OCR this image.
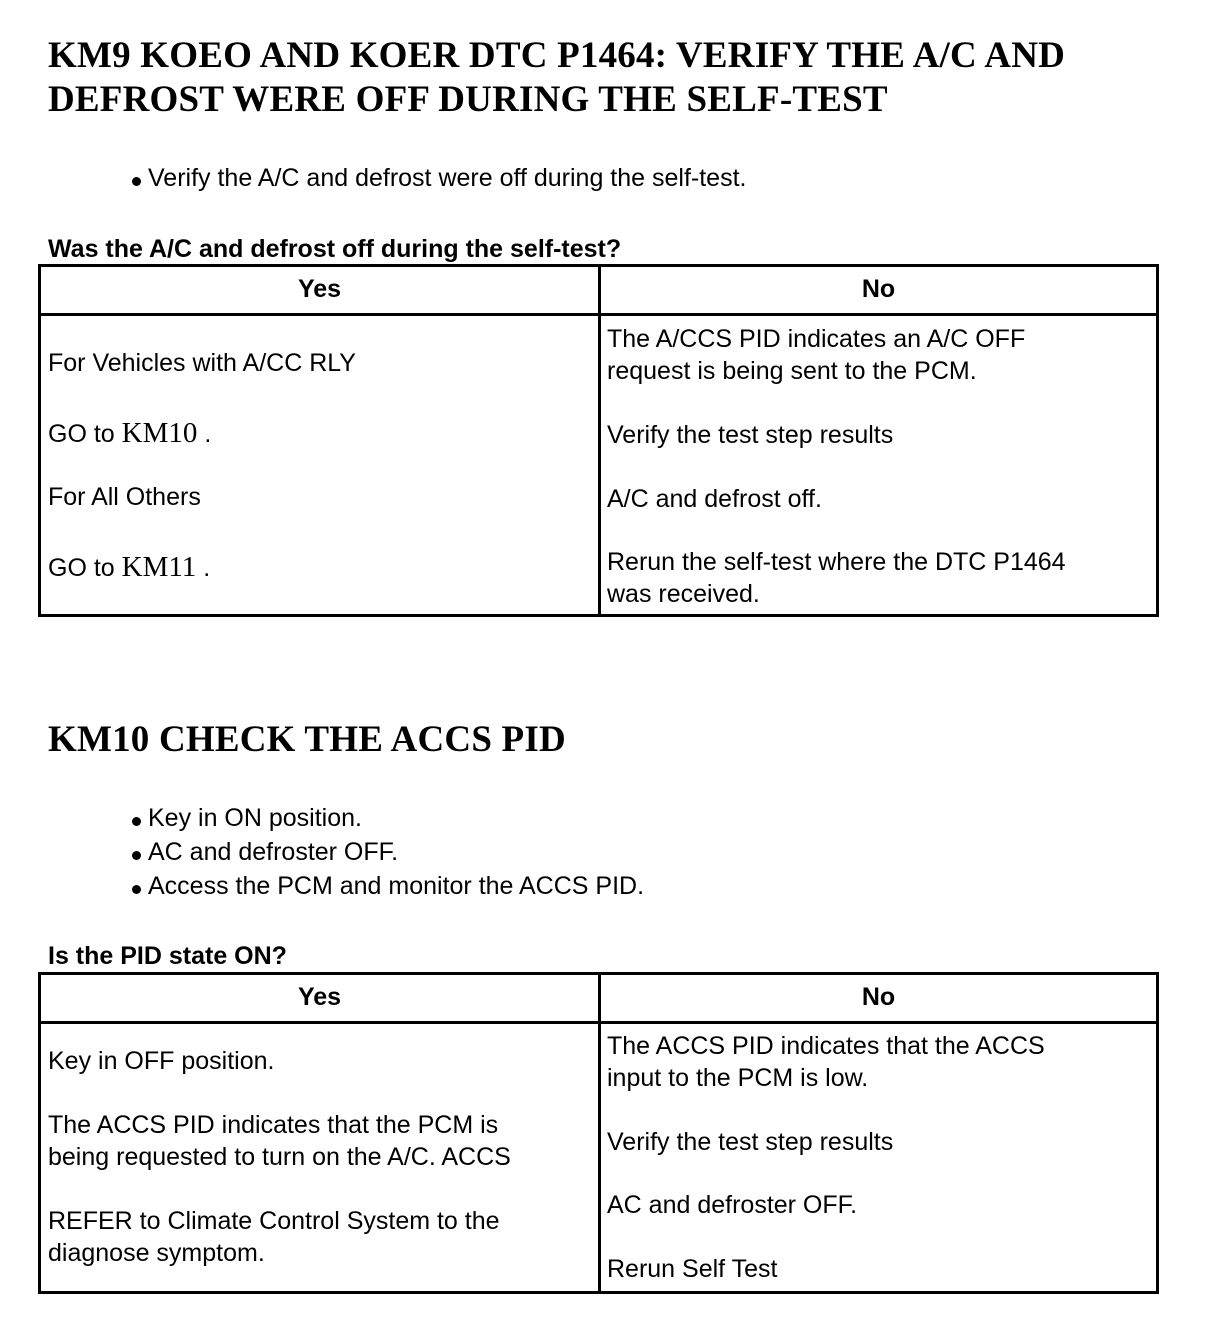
KM9 KOEO AND KOER DTC P1464: VERIFY THE A/C AND
DEFROST WERE OFF DURING THE SELF-TEST
Verify the A/C and defrost were off during the self-test.

Was the A/C and defrost off during the self-test?

Yes	No

For Vehicles with A/CC RLY

GO to KM10 .

For All Others

GO to KM11 .

The A/CCS PID indicates an A/C OFF
request is being sent to the PCM.

Verify the test step results

A/C and defrost off.

Rerun the self-test where the DTC P1464
was received.

KM10 CHECK THE ACCS PID
Key in ON position.
AC and defroster OFF.
Access the PCM and monitor the ACCS PID.

Is the PID state ON?

Yes	No

Key in OFF position.

The ACCS PID indicates that the PCM is
being requested to turn on the A/C. ACCS

REFER to Climate Control System to the
diagnose symptom.

The ACCS PID indicates that the ACCS
input to the PCM is low.

Verify the test step results

AC and defroster OFF.

Rerun Self Test
